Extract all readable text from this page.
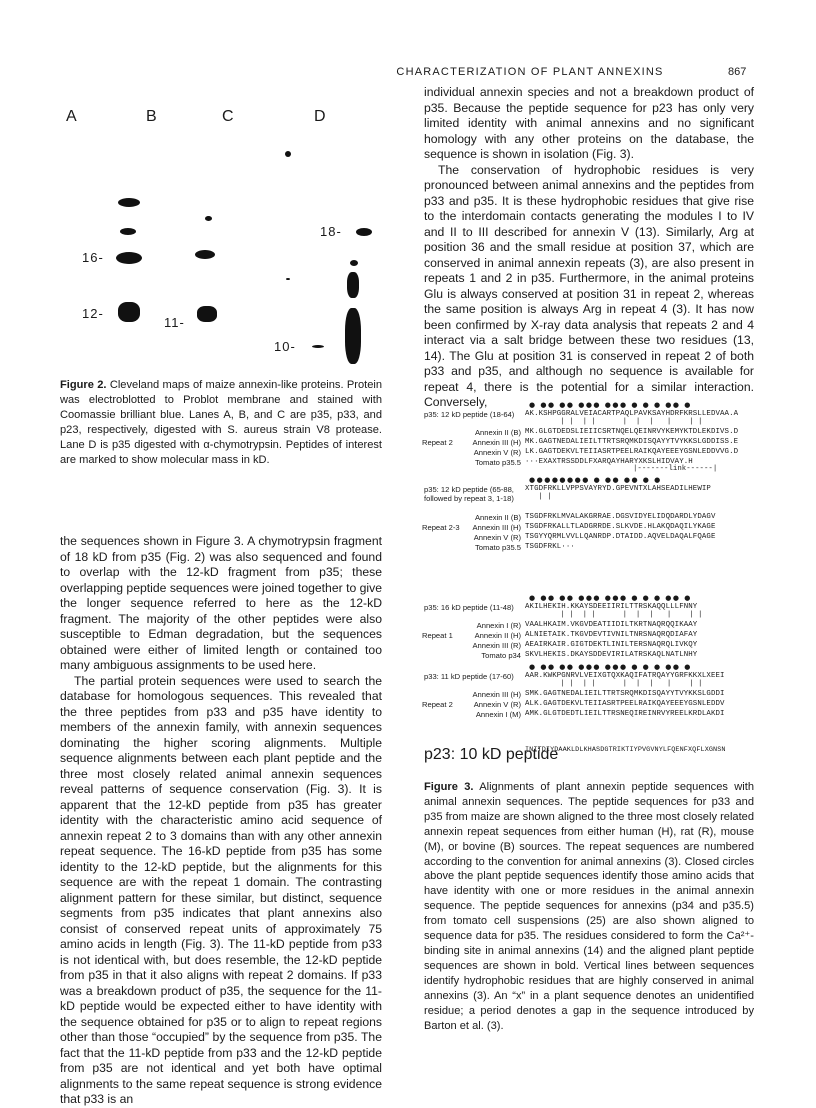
CHARACTERIZATION OF PLANT ANNEXINS	867
A	B	C	D
16-
12-
11-
10-
18-
Figure 2. Cleveland maps of maize annexin-like proteins. Protein was electroblotted to Problot membrane and stained with Coomassie brilliant blue. Lanes A, B, and C are p35, p33, and p23, respectively, digested with S. aureus strain V8 protease. Lane D is p35 digested with α-chymotrypsin. Peptides of interest are marked to show molecular mass in kD.

the sequences shown in Figure 3. A chymotrypsin fragment of 18 kD from p35 (Fig. 2) was also sequenced and found to overlap with the 12-kD fragment from p35; these overlapping peptide sequences were joined together to give the longer sequence referred to here as the 12-kD fragment. The majority of the other peptides were also susceptible to Edman degradation, but the sequences obtained were either of limited length or contained too many ambiguous assignments to be used here.

The partial protein sequences were used to search the database for homologous sequences. This revealed that the three peptides from p33 and p35 have identity to members of the annexin family, with annexin sequences dominating the higher scoring alignments. Multiple sequence alignments between each plant peptide and the three most closely related animal annexin sequences reveal patterns of sequence conservation (Fig. 3). It is apparent that the 12-kD peptide from p35 has greater identity with the characteristic amino acid sequence of annexin repeat 2 to 3 domains than with any other annexin repeat sequence. The 16-kD peptide from p35 has some identity to the 12-kD peptide, but the alignments for this sequence are with the repeat 1 domain. The contrasting alignment pattern for these similar, but distinct, sequence segments from p35 indicates that plant annexins also consist of conserved repeat units of approximately 75 amino acids in length (Fig. 3). The 11-kD peptide from p33 is not identical with, but does resemble, the 12-kD peptide from p35 in that it also aligns with repeat 2 domains. If p33 was a breakdown product of p35, the sequence for the 11-kD peptide would be expected either to have identity with the sequence obtained for p35 or to align to repeat regions other than those “occupied” by the sequence from p35. The fact that the 11-kD peptide from p33 and the 12-kD peptide from p35 are not identical and yet both have optimal alignments to the same repeat sequence is strong evidence that p33 is an

individual annexin species and not a breakdown product of p35. Because the peptide sequence for p23 has only very limited identity with animal annexins and no significant homology with any other proteins on the database, the sequence is shown in isolation (Fig. 3).

The conservation of hydrophobic residues is very pronounced between animal annexins and the peptides from p33 and p35. It is these hydrophobic residues that give rise to the interdomain contacts generating the modules I to IV and II to III described for annexin V (13). Similarly, Arg at position 36 and the small residue at position 37, which are conserved in animal annexin repeats (3), are also present in repeats 1 and 2 in p35. Furthermore, in the animal proteins Glu is always conserved at position 31 in repeat 2, whereas the same position is always Arg in repeat 4 (3). It has now been confirmed by X-ray data analysis that repeats 2 and 4 interact via a salt bridge between these two residues (13, 14). The Glu at position 31 is conserved in repeat 2 of both p33 and p35, and although no sequence is available for repeat 4, there is the potential for a similar interaction. Conversely,	● ●● ●● ●●● ●●● ● ● ● ●● ●
p35: 12 kD peptide (18-64)	AK.KSHPGGRALVEIACARTPAQLPAVKSAYHDRFKRSLLEDVAA.A
| |  | |      |  |  |   |    | |
Annexin II (B) MK.GLGTDEDSLIEIICSRTNQELQEINRVYKEMYKTDLEKDIVS.D
Annexin III (H) MK.GAGTNEDALIEILTTRTSRQMKDISQAYYTVYKKSLGDDISS.E
Annexin V (R) LK.GAGTDEKVLTEIIASRTPEELRAIKQAYEEEYGSNLEDDVVG.D
Tomato p35.5 ···EXAXTRSSDDLFXARQAYHARYXKSLHIDVAY.H
Repeat 2
●●●●●●●● ● ●● ●● ● ●
|-------link------|
p35: 12 kD peptide (65-88, followed by repeat 3, 1-18)
XTGDFRKLLVPPSVAYRYD.GPEVNTXLAHSEADILHEWIP
| |
Annexin II (B) TSGDFRKLMVALAKGRRAE.DGSVIDYELIDQDARDLYDAGV
Annexin III (H) TSGDFRKALLTLADGRRDE.SLKVDE.HLAKQDAQILYKAGE
Annexin V (R) TSGYYQRMLVVLLQANRDP.DTAIDD.AQVELDAQALFQAGE
Tomato p35.5 TSGDFRKL···
Repeat 2-3
● ●● ●● ●●● ●●● ● ● ● ●● ●
p35: 16 kD peptide (11-48)	AKILHEKIH.KKAYSDEEIIRILTTRSKAQQLLLFNNY
| |  | |      |  |  |   |    | |
Annexin I (R) VAALHKAIM.VKGVDEATIIDILTKRTNAQRQQIKAAY
Annexin II (H) ALNIETAIK.TKGVDEVTIVNILTNRSNAQRQDIAFAY
Annexin III (R) AEAIRKAIR.GIGTDEKTLINILTERSNAQRQLIVKQY
Tomato p34 SKVLHEKIS.DKAYSDDEVIRILATRSKAQLNATLNHY
Repeat 1
● ●● ●● ●●● ●●● ● ● ● ●● ●
p33: 11 kD peptide (17-60)	AAR.KWKPGNRVLVEIXGTQXKAQIFATRQAYYGRFKKXLXEEI
| |  | |      |  |  |   |    | |
Annexin III (H) SMK.GAGTNEDALIEILTTRTSRQMKDISQAYYTVYKKSLGDDI
Annexin V (R) ALK.GAGTDEKVLTEIIASRTPEELRAIKQAYEEEYGSNLEDDV
Annexin I (M) AMK.GLGTDEDTLIEILTTRSNEQIREINRVYREELKRDLAKDI
Repeat 2
p23: 10 kD peptide
INITDIYDAAKLDLKHASDGTRIKTIYPVGVNYLFQENFXQFLXGNSN
Figure 3. Alignments of plant annexin peptide sequences with animal annexin sequences. The peptide sequences for p33 and p35 from maize are shown aligned to the three most closely related annexin repeat sequences from either human (H), rat (R), mouse (M), or bovine (B) sources. The repeat sequences are numbered according to the convention for animal annexins (3). Closed circles above the plant peptide sequences identify those amino acids that have identity with one or more residues in the animal annexin sequence. The peptide sequences for annexins (p34 and p35.5) from tomato cell suspensions (25) are also shown aligned to sequence data for p35. The residues considered to form the Ca²⁺-binding site in animal annexins (14) and the aligned plant peptide sequences are shown in bold. Vertical lines between sequences identify hydrophobic residues that are highly conserved in animal annexins (3). An “x” in a plant sequence denotes an unidentified residue; a period denotes a gap in the sequence introduced by Barton et al. (3).
